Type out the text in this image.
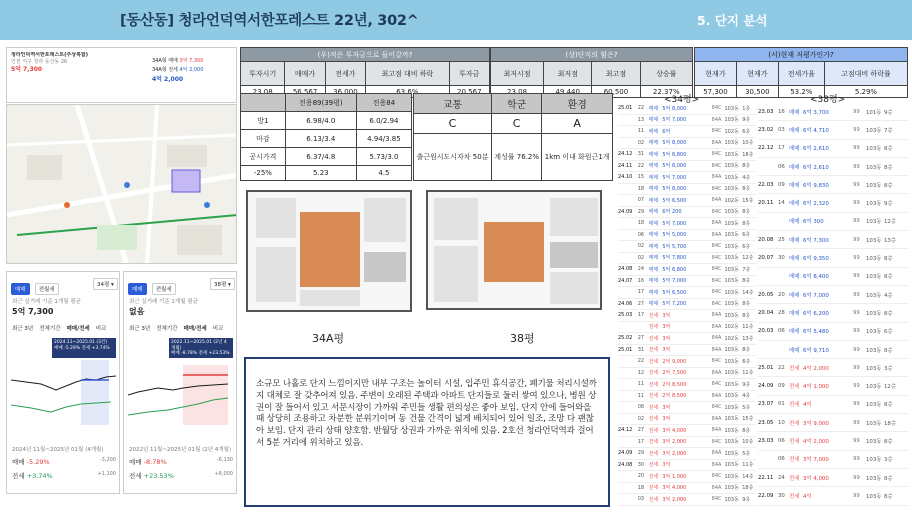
[동산동] 청라언덕역서한포레스트 22년, 302^	5. 단지 분석
청라언덕역서한포레스트(주상복합)
인천 서구 청라 동산동 26
5억 7,300
34A형 매매 3억 7,300
34A형 전세 4억 2,000
4억 2,000
매매 전월세
34평 ▾
최근 실거래 기준 1개월 평균
5억 7,300
최근 3년 전체기간 매매/전세 비교
2024.11~2025.01 (3건)
매매 -5.29% 전세 +3.74%
2024년 11월~2025년 01월 (4개월)
매매 -5.29%	-3,200
전세 +3.74%	+1,100
매매 전월세
38평 ▾
최근 실거래 기준 1개월 평균
없음
최근 3년 전체기간 매매/전세 비교
2022.11~2025.01 (2년 4개월)
매매 -8.78% 전세 +23.53%
2022년 11월~2025년 01월 (2년 4개월)
매매 -8.78%	-6,130
전세 +23.53%	+8,000
(우)적은 투자금으로 들어갈까?				
투자시기	매매가	전세가	최고점 대비 하락	투자금
23.08	56,567	36,000	63.6%	20,567
(상)단지의 힘은?			
최저시점	최저점	최고점	상승률
23.08	49,440	60,500	22.37%
(서)현재 저평가인가?			
현재가	현재가	전세가율	고점대비 하락률
57,300	30,500	53.2%	5.29%
	전용89(39평)	전용84
방1	6.98/4.0	6.0/2.94
마감	6.13/3.4	4.94/3.85
공시가격	6.37/4.8	5.73/3.0
-25%	5.23	4.5
교통	학군	환경
C	C	A
출근원시도시자차 50분	계성률 76.2%	1km 이내 화원근1개
34A평	38평
소규모 나홀로 단지 느낌이지만 내부 구조는 놀이터 시설, 입주민 휴식공간, 폐기물 처리시설까지 대체로 잘 갖추어져 있음. 주변이 오래된 주택과 아파트 단지들로 둘러 쌓여 있으나, 병원 상권이 잘 들어서 있고 서문시장이 가까워 주민들 생활 편의성은 좋아 보임. 단지 안에 들어와을 때 상당히 조용하고 차분한 분위기이며 동 건물 간격이 넓게 배치되어 있어 일조, 조망 다 괜찮아 보임. 단지 관리 상태 양호함. 반월당 상권과 가까운 위치에 있음. 2호선 청라언덕역과 걸어서 5분 거리에 위치하고 있음.
<34평>
25.01	22 매매 5억 8,000	84C 103동 1층
13 매매 5억 7,000	84A 103동 9층
11 매매 6억	84C 102동 6층
02 매매 5억 8,000	84A 103동 10층
24.12	31 매매 5억 6,800	84C 103동 18층
24.11	22 매매 5억 8,000	84C 103동 8층
24.10	15 매매 5억 7,000	84A 103동 4층
18 매매 5억 8,000	84C 103동 8층
07 매매 5억 6,500	84A 102동 15층
24.09	29 매매 6억 200	84C 103동 8층
18 매매 5억 7,000	84A 103동 8층
06 매매 5억 5,000	84A 103동 6층
02 매매 5억 5,700	84C 103동 6층
02 매매 5억 7,800	84C 103동 12층
24.08	24 매매 5억 6,800	84C 103동 7층
24.07	16 매매 5억 7,000	84C 103동 8층
17 매매 5억 6,500	84C 103동 14층
24.06	27 매매 5억 7,200	84C 103동 8층
25.03	17 전세 3억	84A 103동 8층
전세 3억	84A 102동 11층
25.02	27 전세 3억	84A 102동 13층
25.01	31 전세 3억	84A 103동 8층
22 전세 2억 9,000	84C 103동 6층
12 전세 2억 7,500	84A 103동 11층
11 전세 2억 8,500	84C 103동 9층
11 전세 2억 8,500	84A 103동 4층
08 전세 3억	84C 103동 5층
02 전세 3억	84A 103동 15층
24.12	27 전세 3억 4,000	84A 103동 8층
17 전세 3억 2,000	84C 103동 10층
24.09	29 전세 3억 2,000	84A 103동 5층
24.08	30 전세 3억	84A 103동 11층
20 전세 3억 1,000	84C 103동 14층
18 전세 3억 4,000	84A 103동 18층
03 전세 3억 2,000	84C 103동 9층
<38평>
23.03 16 매매 6억 3,700	99	101동 9층
23.02 03 매매 6억 4,710	99	103동 7층
22.12 17 매매 6억 2,610	99	103동 8층
06 매매 6억 2,610	99	103동 8층
22.03 09 매매 6억 9,830	99	103동 8층
20.11 14 매매 6억 2,320	99	103동 9층
매매 6억 300	99	103동 12층
20.08 25 매매 6억 7,300	99	103동 13층
20.07 30 매매 6억 9,350	99	103동 8층
매매 6억 8,400	99	103동 8층
20.05 20 매매 6억 7,000	99	103동 4층
20.04 28 매매 6억 6,200	99	103동 8층
20.03 06 매매 6억 5,480	99	103동 6층
매매 6억 9,710	99	103동 8층
25.01 22 전세 4억 2,000	99	103동 3층
24.09 09 전세 4억 1,000	99	103동 12층
23.07 01 전세 4억	99	103동 8층
23.05 10 전세 3억 9,000	99	103동 18층
23.03 06 전세 4억 2,000	99	103동 8층
06 전세 3억 7,000	99	103동 3층
22.11 24 전세 3억 4,000	99	103동 8층
22.09 30 전세 4억	99	103동 8층
